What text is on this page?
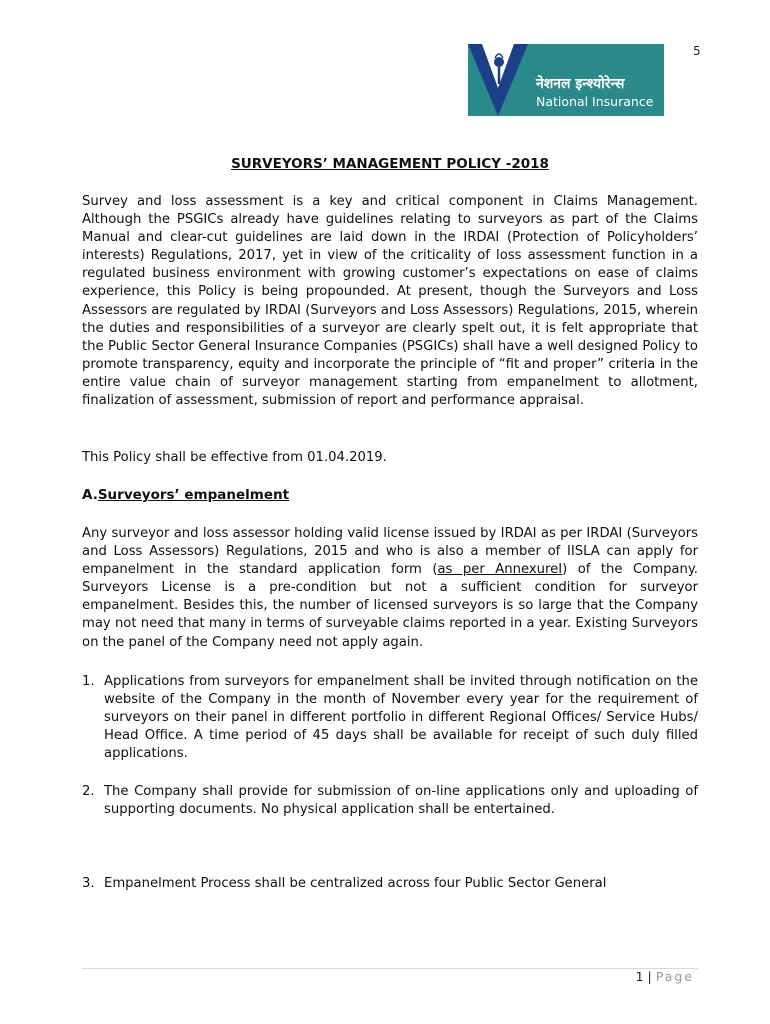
5
नेशनल इन्श्योरेन्स
National Insurance
SURVEYORS’ MANAGEMENT POLICY -2018

Survey and loss assessment is a key and critical component in Claims Management. Although the PSGICs already have guidelines relating to surveyors as part of the Claims Manual and clear-cut guidelines are laid down in the IRDAI (Protection of Policyholders’ interests) Regulations, 2017, yet in view of the criticality of loss assessment function in a regulated business environment with growing customer’s expectations on ease of claims experience, this Policy is being propounded. At present, though the Surveyors and Loss Assessors are regulated by IRDAI (Surveyors and Loss Assessors) Regulations, 2015, wherein the duties and responsibilities of a surveyor are clearly spelt out, it is felt appropriate that the Public Sector General Insurance Companies (PSGICs) shall have a well designed Policy to promote transparency, equity and incorporate the principle of “fit and proper” criteria in the entire value chain of surveyor management starting from empanelment to allotment, finalization of assessment, submission of report and performance appraisal.

This Policy shall be effective from 01.04.2019.

A.Surveyors’ empanelment

Any surveyor and loss assessor holding valid license issued by IRDAI as per IRDAI (Surveyors and Loss Assessors) Regulations, 2015 and who is also a member of IISLA can apply for empanelment in the standard application form (as per AnnexureI) of the Company. Surveyors License is a pre-condition but not a sufficient condition for surveyor empanelment. Besides this, the number of licensed surveyors is so large that the Company may not need that many in terms of surveyable claims reported in a year. Existing Surveyors on the panel of the Company need not apply again.

1. Applications from surveyors for empanelment shall be invited through notification on the website of the Company in the month of November every year for the requirement of surveyors on their panel in different portfolio in different Regional Offices/ Service Hubs/ Head Office. A time period of 45 days shall be available for receipt of such duly filled applications.
2. The Company shall provide for submission of on-line applications only and uploading of supporting documents. No physical application shall be entertained.
3. Empanelment Process shall be centralized across four Public Sector General
1 | Page
